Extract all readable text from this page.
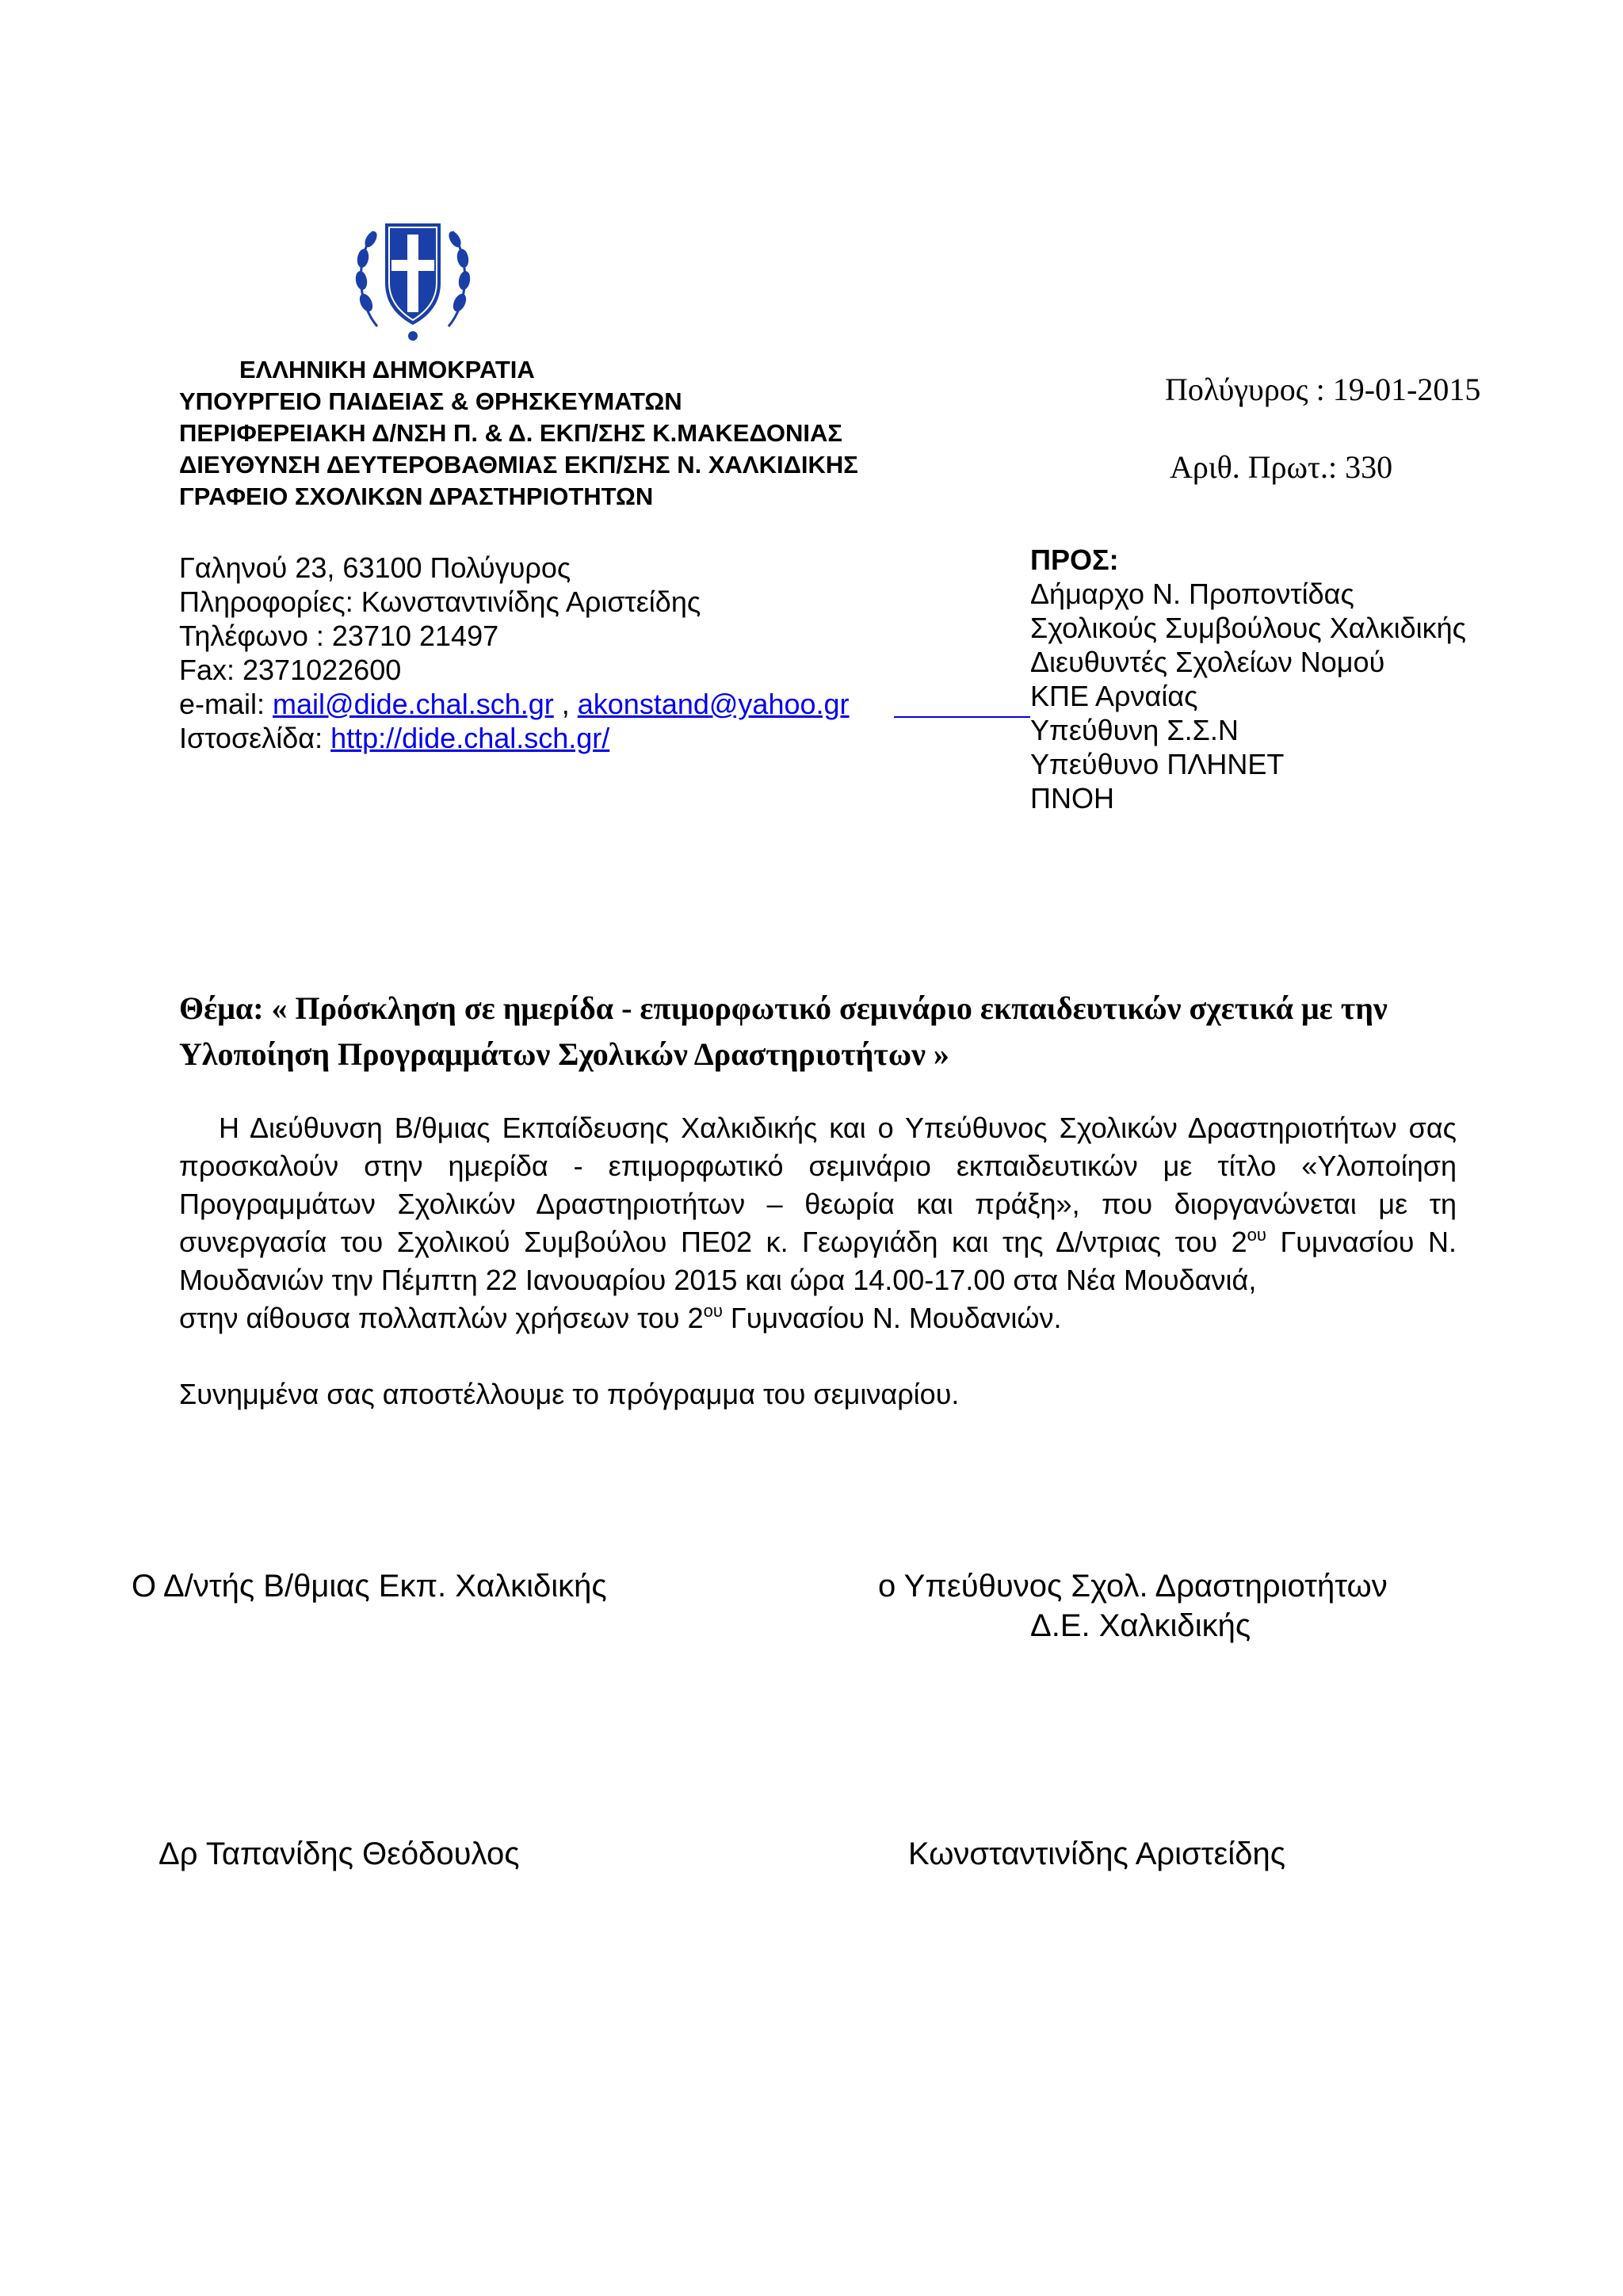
ΕΛΛΗΝΙΚΗ ΔΗΜΟΚΡΑΤΙΑ
ΥΠΟΥΡΓΕΙΟ ΠΑΙΔΕΙΑΣ & ΘΡΗΣΚΕΥΜΑΤΩΝ
ΠΕΡΙΦΕΡΕΙΑΚΗ Δ/ΝΣΗ Π. & Δ. ΕΚΠ/ΣΗΣ Κ.ΜΑΚΕΔΟΝΙΑΣ
ΔΙΕΥΘΥΝΣΗ ΔΕΥΤΕΡΟΒΑΘΜΙΑΣ ΕΚΠ/ΣΗΣ Ν. ΧΑΛΚΙΔΙΚΗΣ
ΓΡΑΦΕΙΟ ΣΧΟΛΙΚΩΝ ΔΡΑΣΤΗΡΙΟΤΗΤΩΝ
Πολύγυρος : 19-01-2015
Αριθ. Πρωτ.: 330
Γαληνού 23, 63100 Πολύγυρος
Πληροφορίες: Κωνσταντινίδης Αριστείδης
Τηλέφωνο : 23710 21497
Fax: 2371022600
e-mail: mail@dide.chal.sch.gr , akonstand@yahoo.gr
Ιστοσελίδα: http://dide.chal.sch.gr/
ΠΡΟΣ:
Δήμαρχο Ν. Προποντίδας
Σχολικούς Συμβούλους Χαλκιδικής
Διευθυντές Σχολείων Νομού
ΚΠΕ Αρναίας
Υπεύθυνη Σ.Σ.Ν
Υπεύθυνο ΠΛΗΝΕΤ
ΠΝΟΗ
Θέμα: « Πρόσκληση σε ημερίδα - επιμορφωτικό σεμινάριο εκπαιδευτικών σχετικά με την
Υλοποίηση Προγραμμάτων Σχολικών Δραστηριοτήτων »

Η Διεύθυνση Β/θμιας Εκπαίδευσης Χαλκιδικής και ο Υπεύθυνος Σχολικών Δραστηριοτήτων σας προσκαλούν στην ημερίδα - επιμορφωτικό σεμινάριο εκπαιδευτικών με τίτλο «Υλοποίηση Προγραμμάτων Σχολικών Δραστηριοτήτων – θεωρία και πράξη», που διοργανώνεται με τη συνεργασία του Σχολικού Συμβούλου ΠΕ02 κ. Γεωργιάδη και της Δ/ντριας του $2^{o\upsilon}$ Γυμνασίου Ν. Μουδανιών την Πέμπτη 22 Ιανουαρίου 2015 και ώρα 14.00-17.00 στα Νέα Μουδανιά,

στην αίθουσα πολλαπλών χρήσεων του $2^{o\upsilon}$ Γυμνασίου Ν. Μουδανιών.

Συνημμένα σας αποστέλλουμε το πρόγραμμα του σεμιναρίου.

Ο Δ/ντής Β/θμιας Εκπ. Χαλκιδικής	ο Υπεύθυνος Σχολ. Δραστηριοτήτων
Δ.Ε. Χαλκιδικής
Δρ Ταπανίδης Θεόδουλος	Κωνσταντινίδης Αριστείδης
